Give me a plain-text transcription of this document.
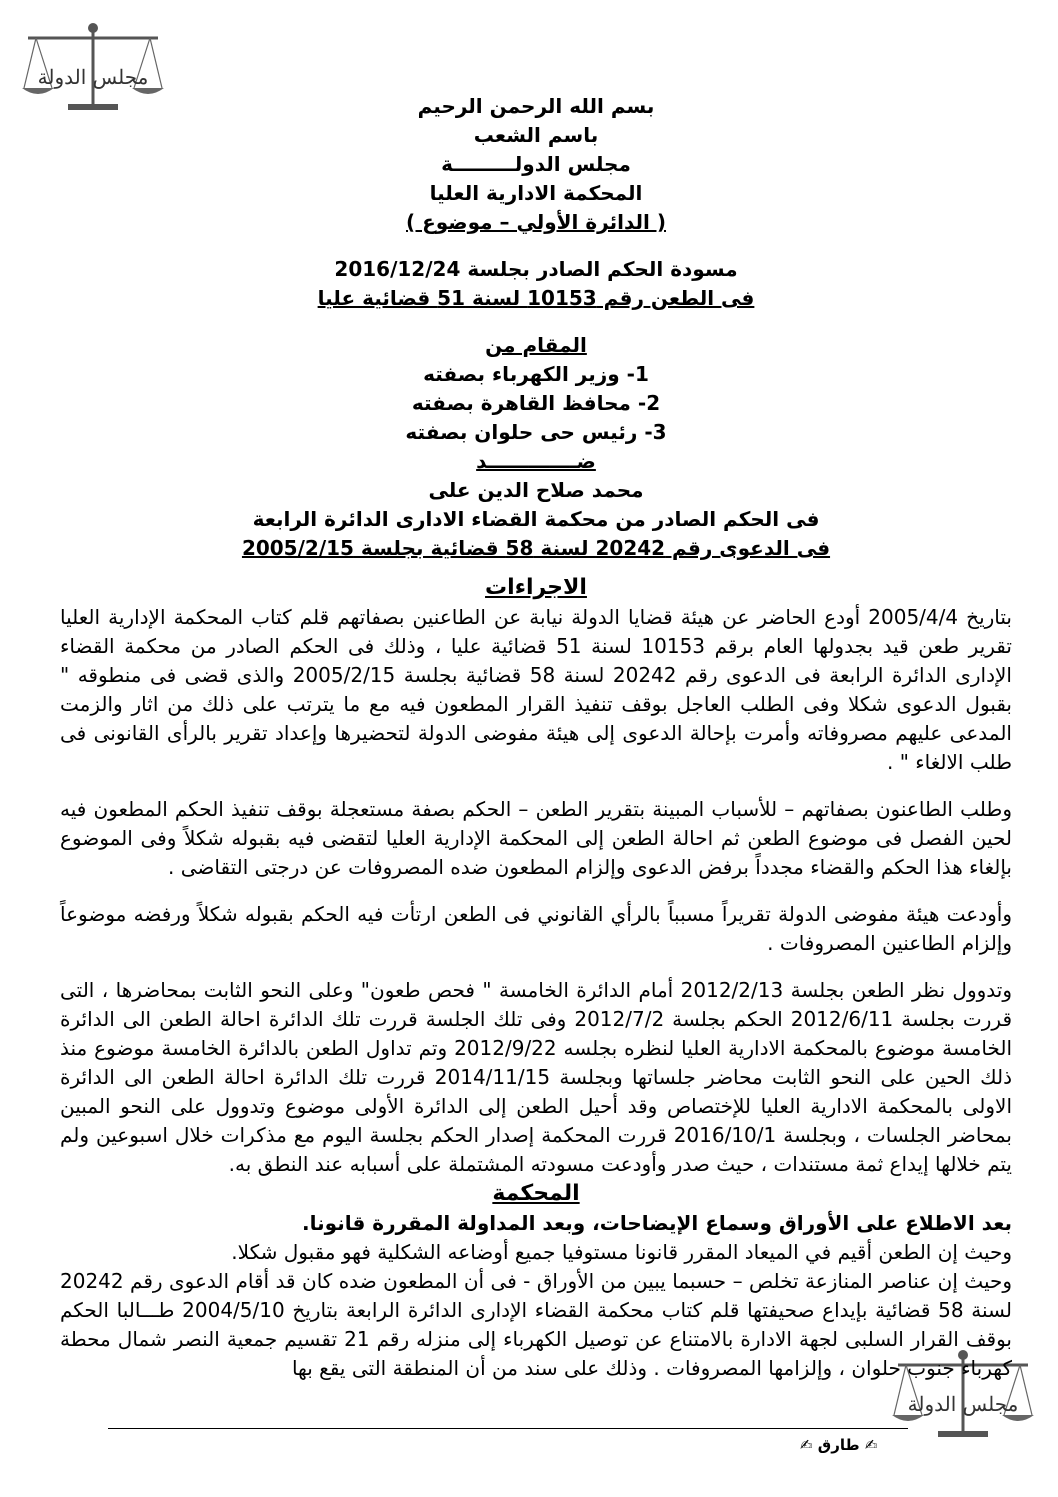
مجلس الدولة
مجلس الدولة
بسم الله الرحمن الرحيم
باسم الشعب
مجلس الدولـــــــــة
المحكمة الادارية العليا
( الدائرة الأولي – موضوع )
مسودة الحكم الصادر بجلسة 2016/12/24
فى الطعن رقم 10153 لسنة 51 قضائية عليا
المقام من
1- وزير الكهرباء بصفته
2- محافظ القاهرة بصفته
3- رئيس حى حلوان بصفته
ضـــــــــــــد
محمد صلاح الدين على
فى الحكم الصادر من محكمة القضاء الادارى الدائرة الرابعة
فى الدعوى رقم 20242 لسنة 58 قضائية بجلسة 2005/2/15
الاجراءات
بتاريخ 2005/4/4 أودع الحاضر عن هيئة قضايا الدولة نيابة عن الطاعنين بصفاتهم قلم كتاب المحكمة الإدارية العليا تقرير طعن قيد بجدولها العام برقم 10153 لسنة 51 قضائية عليا ، وذلك فى الحكم الصادر من محكمة القضاء الإدارى الدائرة الرابعة فى الدعوى رقم 20242 لسنة 58 قضائية بجلسة 2005/2/15 والذى قضى فى منطوقه " بقبول الدعوى شكلا وفى الطلب العاجل بوقف تنفيذ القرار المطعون فيه مع ما يترتب على ذلك من اثار والزمت المدعى عليهم مصروفاته وأمرت بإحالة الدعوى إلى هيئة مفوضى الدولة لتحضيرها وإعداد تقرير بالرأى القانونى فى طلب الالغاء " .
وطلب الطاعنون بصفاتهم – للأسباب المبينة بتقرير الطعن – الحكم بصفة مستعجلة بوقف تنفيذ الحكم المطعون فيه لحين الفصل فى موضوع الطعن ثم احالة الطعن إلى المحكمة الإدارية العليا لتقضى فيه بقبوله شكلاً وفى الموضوع بإلغاء هذا الحكم والقضاء مجدداً برفض الدعوى وإلزام المطعون ضده المصروفات عن درجتى التقاضى .
وأودعت هيئة مفوضى الدولة تقريراً مسبباً بالرأي القانوني فى الطعن ارتأت فيه الحكم بقبوله شكلاً ورفضه موضوعاً وإلزام الطاعنين المصروفات .
وتدوول نظر الطعن بجلسة 2012/2/13 أمام الدائرة الخامسة " فحص طعون" وعلى النحو الثابت بمحاضرها ، التى قررت بجلسة 2012/6/11 الحكم بجلسة 2012/7/2 وفى تلك الجلسة قررت تلك الدائرة احالة الطعن الى الدائرة الخامسة موضوع بالمحكمة الادارية العليا لنظره بجلسه 2012/9/22 وتم تداول الطعن بالدائرة الخامسة موضوع منذ ذلك الحين على النحو الثابت محاضر جلساتها وبجلسة 2014/11/15 قررت تلك الدائرة احالة الطعن الى الدائرة الاولى بالمحكمة الادارية العليا للإختصاص وقد أحيل الطعن إلى الدائرة الأولى موضوع وتدوول على النحو المبين بمحاضر الجلسات ، وبجلسة 2016/10/1 قررت المحكمة إصدار الحكم بجلسة اليوم مع مذكرات خلال اسبوعين ولم يتم خلالها إيداع ثمة مستندات ، حيث صدر وأودعت مسودته المشتملة على أسبابه عند النطق به.
المحكمة
بعد الاطلاع على الأوراق وسماع الإيضاحات، وبعد المداولة المقررة قانونا.
وحيث إن الطعن أقيم في الميعاد المقرر قانونا مستوفيا جميع أوضاعه الشكلية فهو مقبول شكلا.
وحيث إن عناصر المنازعة تخلص – حسبما يبين من الأوراق - فى أن المطعون ضده كان قد أقام الدعوى رقم 20242 لسنة 58 قضائية بإيداع صحيفتها قلم كتاب محكمة القضاء الإدارى الدائرة الرابعة بتاريخ 2004/5/10 طـــالبا الحكم بوقف القرار السلبى لجهة الادارة بالامتناع عن توصيل الكهرباء إلى منزله رقم 21 تقسيم جمعية النصر شمال محطة كهرباء جنوب حلوان ، وإلزامها المصروفات . وذلك على سند من أن المنطقة التى يقع بها
✍ طارق ✍
